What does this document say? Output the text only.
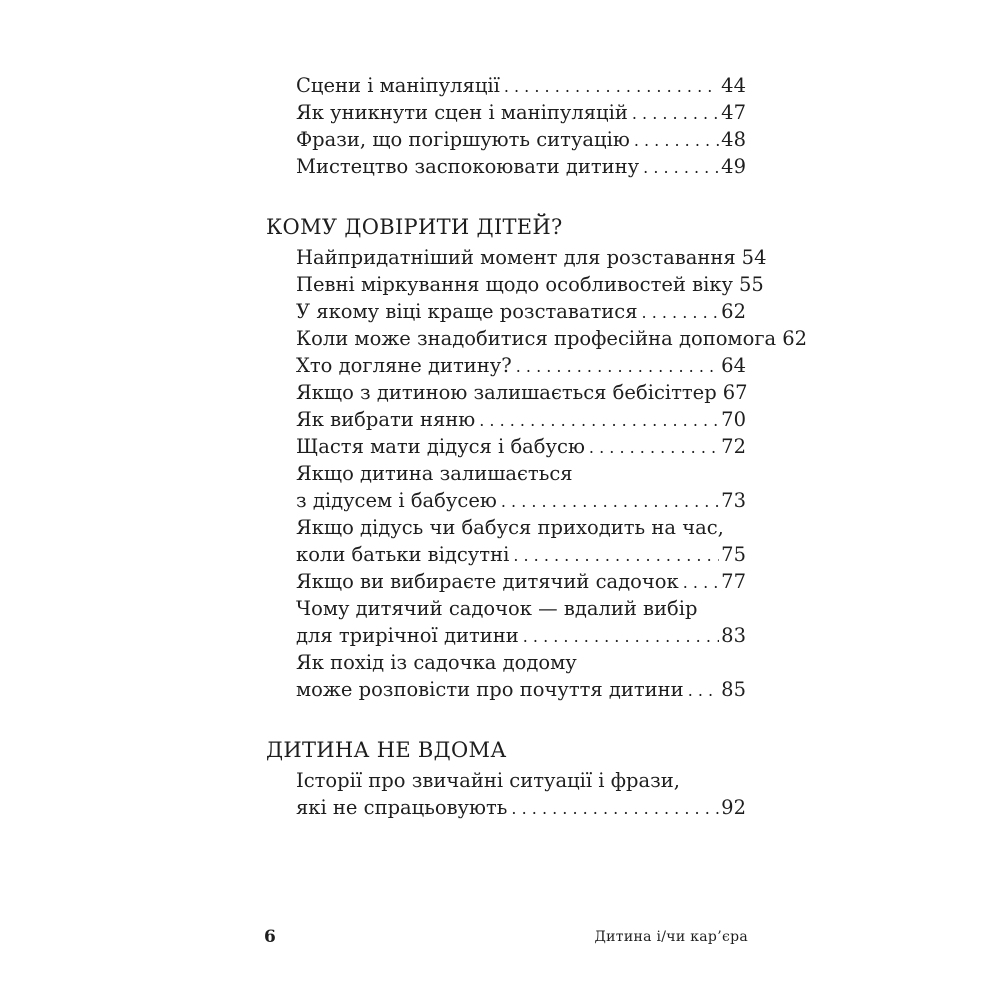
Сцени і маніпуляції . . .	44
Як уникнути сцен і маніпуляцій . . .	47
Фрази, що погіршують ситуацію . . .	48
Мистецтво заспокоювати дитину . . .	49
КОМУ ДОВІРИТИ ДІТЕЙ?
Найпридатніший момент для розставання . . . 54
Певні міркування щодо особливостей віку . . . 55
У якому віці краще розставатися . . .	62
Коли може знадобитися професійна допомога . . . 62
Хто догляне дитину? . . .	64
Якщо з дитиною залишається бебісіттер . . . 67
Як вибрати няню . . .	70
Щастя мати дідуся і бабусю . . .	72
Якщо дитина залишається
з дідусем і бабусею . . .	73
Якщо дідусь чи бабуся приходить на час,
коли батьки відсутні . . .	75
Якщо ви вибираєте дитячий садочок . . . 77
Чому дитячий садочок — вдалий вибір
для трирічної дитини . . .	83
Як похід із садочка додому
може розповісти про почуття дитини . . . 85
ДИТИНА НЕ ВДОМА
Історії про звичайні ситуації і фрази,
які не спрацьовують . . .	92
6	Дитина і/чи кар’єра
